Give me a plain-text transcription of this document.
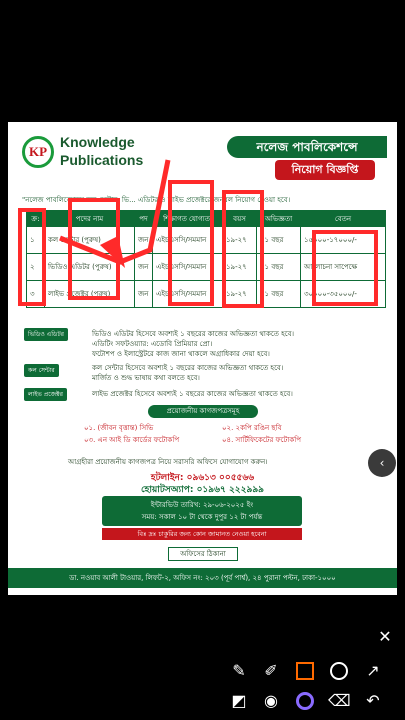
KP
Knowledge
Publications
নলেজ পাবলিকেশন্সে
নিয়োগ বিজ্ঞপ্তি
"নলেজ পাবলিকেশন্সে কল সেন্টার, ভি... এডিটর ও লাইভ প্রজেক্টরে জনবল নিয়োগ দেওয়া হবে।
ক্র:	পদের নাম	পদ	শিক্ষাগত যোগ্যতা	বয়স	অভিজ্ঞতা	বেতন
১	কল সেন্টার (পুরুষ)	জন	এইচএসসি/সমমান	১৯-২৭	০১ বছর	১৫০০০-১৭০০০/-
২	ভিডিও এডিটর (পুরুষ)	জন	এইচএসসি/সমমান	১৯-২৭	০১ বছর	আলোচনা সাপেক্ষে
৩	লাইভ প্রজেক্টর (পুরুষ)	জন	এইচএসসি/সমমান	১৯-২৭	০১ বছর	৩০০০০-৩৫০০০/-
ভিডিও এডিটর	ভিডিও এডিটর হিসেবে অবশ্যই ১ বছরের কাজের অভিজ্ঞতা থাকতে হবে।
এডিটিং সফটওয়্যার: এডোবি প্রিমিয়ার প্রো।
ফটোশপ ও ইলাস্ট্রেটরে কাজ জানা থাকলে অগ্রাধিকার দেয়া হবে।
কল সেন্টার	কল সেন্টার হিসেবে অবশ্যই ১ বছরের কাজের অভিজ্ঞতা থাকতে হবে।
মার্জিত ও শুদ্ধ ভাষায় কথা বলতে হবে।
লাইভ প্রজেক্টর	লাইভ প্রজেক্টর হিসেবে অবশ্যই ১ বছরের কাজের অভিজ্ঞতা থাকতে হবে।
প্রয়োজনীয় কাগজপত্রসমূহ
০১. (জীবন বৃত্তান্ত) সিভি	০২. ২কপি রঙিন ছবি
০৩. এন আই ডি কার্ডের ফটোকপি	০৪. সার্টিফিকেটের ফটোকপি
আগ্রহীরা প্রয়োজনীয় কাগজপত্র নিয়ে সরাসরি অফিসে যোগাযোগ করুন।
হটলাইন: ০৯৬১৩ ০০৫৫৬৬
হোয়াটসঅ্যাপ: ০১৯৬৭ ২২২৯৯৯
ইন্টারভিউ তারিখ: ২৯-০৬-২০২৫ ইং
সময়: সকাল ১০ টা থেকে দুপুর ১২ টা পর্যন্ত
বিঃ দ্রঃ চাকুরির জন্য কোন জামানত নেওয়া হবেনা
অফিসের ঠিকানা
ডা. নওয়াব আলী টাওয়ার, লিফট-২, অফিস নং: ২০৩ (পূর্ব পার্শ্ব), ২৪ পুরানা পল্টন, ঢাকা-১০০০
✕
‹
✎ ✐	↗
◩ ◉	⌫ ↶
